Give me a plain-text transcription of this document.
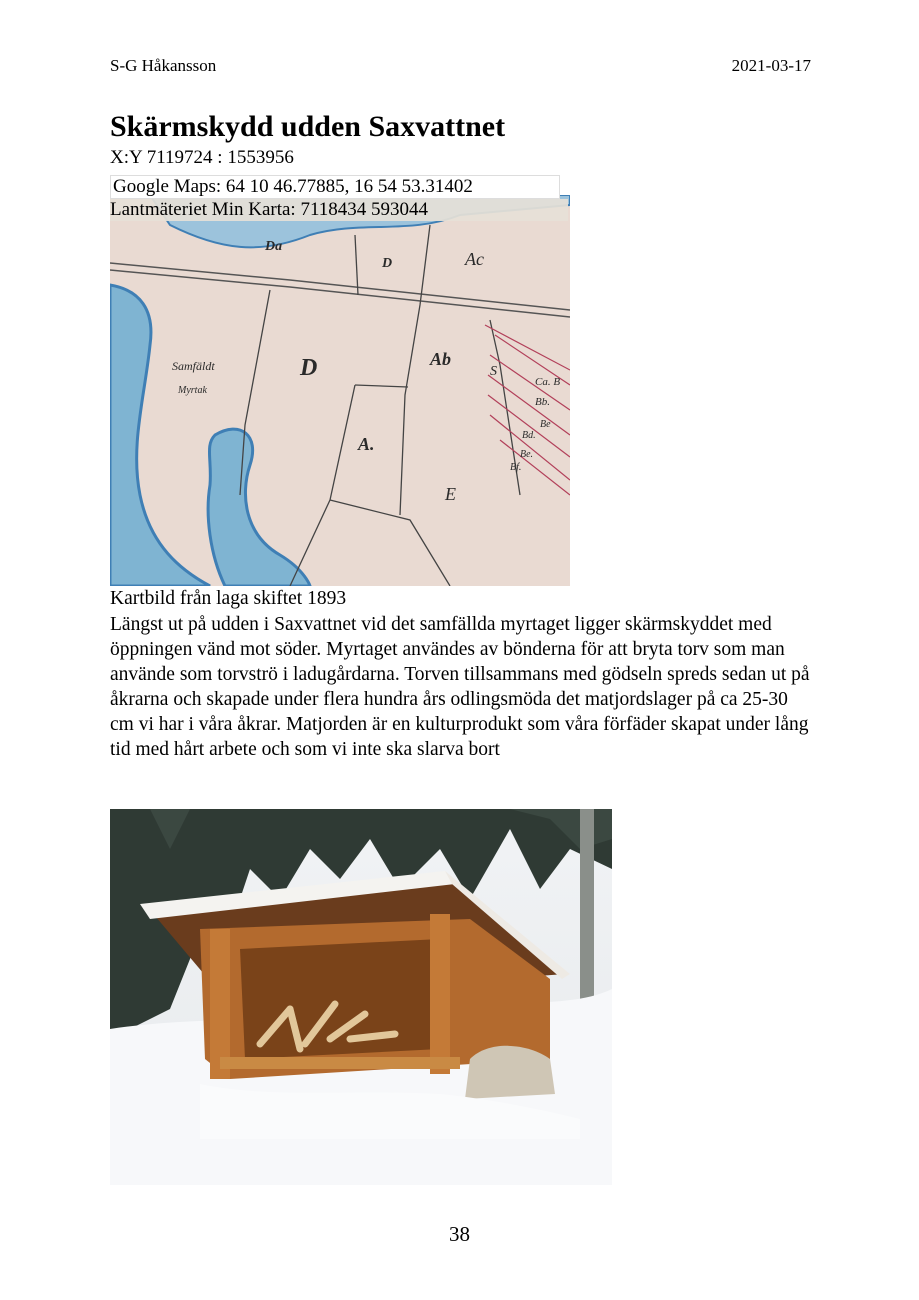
S-G Håkansson	2021-03-17
Skärmskydd udden Saxvattnet
Da
D	Ac
D	Ab
S
Samfäldt
Myrtak
A.
E
Ca. B
Bb.
Be
Bd.
Be.
Bf.
X:Y 7119724 : 1553956
Google Maps: 64 10 46.77885, 16 54 53.31402
Lantmäteriet Min Karta: 7118434 593044
Kartbild från laga skiftet 1893

Längst ut på udden i Saxvattnet vid det samfällda myrtaget ligger skärmskyddet med öppningen vänd mot söder. Myrtaget användes av bönderna för att bryta torv som man använde som torvströ i ladugårdarna. Torven tillsammans med gödseln spreds sedan ut på åkrarna och skapade under flera hundra års odlingsmöda det matjordslager på ca 25-30 cm vi har i våra åkrar. Matjorden är en kulturprodukt som våra förfäder skapat under lång tid med hårt arbete och som vi inte ska slarva bort

38
